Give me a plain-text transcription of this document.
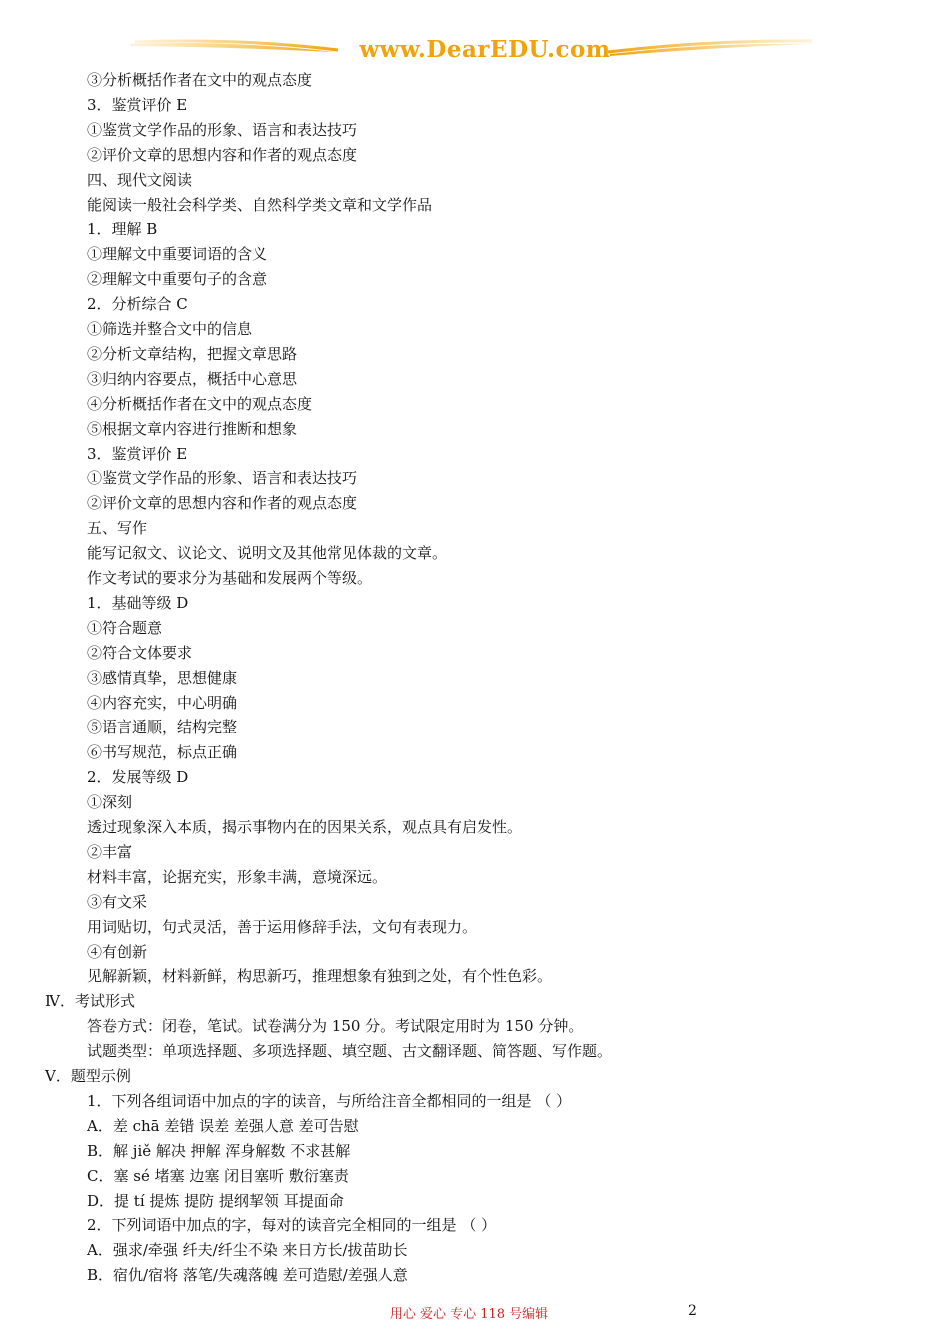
www.DearEDU.com
③分析概括作者在文中的观点态度
3．鉴赏评价 E
①鉴赏文学作品的形象、语言和表达技巧
②评价文章的思想内容和作者的观点态度
四、现代文阅读
能阅读一般社会科学类、自然科学类文章和文学作品
1．理解 B
①理解文中重要词语的含义
②理解文中重要句子的含意
2．分析综合 C
①筛选并整合文中的信息
②分析文章结构，把握文章思路
③归纳内容要点，概括中心意思
④分析概括作者在文中的观点态度
⑤根据文章内容进行推断和想象
3．鉴赏评价 E
①鉴赏文学作品的形象、语言和表达技巧
②评价文章的思想内容和作者的观点态度
五、写作
能写记叙文、议论文、说明文及其他常见体裁的文章。
作文考试的要求分为基础和发展两个等级。
1．基础等级 D
①符合题意
②符合文体要求
③感情真挚，思想健康
④内容充实，中心明确
⑤语言通顺，结构完整
⑥书写规范，标点正确
2．发展等级 D
①深刻
透过现象深入本质，揭示事物内在的因果关系，观点具有启发性。
②丰富
材料丰富，论据充实，形象丰满，意境深远。
③有文采
用词贴切，句式灵活，善于运用修辞手法，文句有表现力。
④有创新
见解新颖，材料新鲜，构思新巧，推理想象有独到之处，有个性色彩。
Ⅳ．考试形式
答卷方式：闭卷，笔试。试卷满分为 150 分。考试限定用时为 150 分钟。
试题类型：单项选择题、多项选择题、填空题、古文翻译题、简答题、写作题。
V．题型示例
1．下列各组词语中加点的字的读音，与所给注音全都相同的一组是 （ ）
A．差 chā 差错 误差 差强人意 差可告慰
B．解 jiě 解决 押解 浑身解数 不求甚解
C．塞 sé 堵塞 边塞 闭目塞听 敷衍塞责
D．提 tí 提炼 提防 提纲挈领 耳提面命
2．下列词语中加点的字，每对的读音完全相同的一组是 （ ）
A．强求/牵强 纤夫/纤尘不染 来日方长/拔苗助长
B．宿仇/宿将 落笔/失魂落魄 差可造慰/差强人意
用心 爱心 专心 118 号编辑	2
